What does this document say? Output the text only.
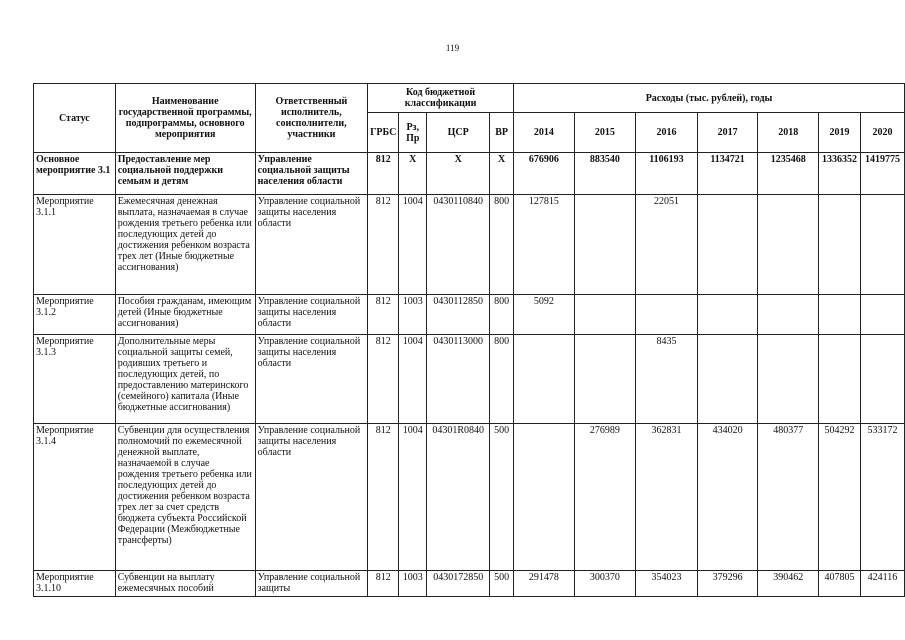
119
Статус	Наименование государственной программы, подпрограммы, основного мероприятия	Ответственный исполнитель, соисполнители, участники	Код бюджетной классификации				Расходы (тыс. рублей), годы						
			ГРБС	Рз, Пр	ЦСР	ВР	2014	2015	2016	2017	2018	2019	2020
Основное мероприятие 3.1	Предоставление мер социальной поддержки семьям и детям	Управление социальной защиты населения области	812	X	X	X	676906	883540	1106193	1134721	1235468	1336352	1419775
Мероприятие 3.1.1	Ежемесячная денежная выплата, назначаемая в случае рождения третьего ребенка или последующих детей до достижения ребенком возраста трех лет (Иные бюджетные ассигнования)	Управление социальной защиты населения области	812	1004	0430110840	800	127815		22051				
Мероприятие 3.1.2	Пособия гражданам, имеющим детей (Иные бюджетные ассигнования)	Управление социальной защиты населения области	812	1003	0430112850	800	5092						
Мероприятие 3.1.3	Дополнительные меры социальной защиты семей, родивших третьего и последующих детей, по предоставлению материнского (семейного) капитала (Иные бюджетные ассигнования)	Управление социальной защиты населения области	812	1004	0430113000	800			8435				
Мероприятие 3.1.4	Субвенции для осуществления полномочий по ежемесячной денежной выплате, назначаемой в случае рождения третьего ребенка или последующих детей до достижения ребенком возраста трех лет за счет средств бюджета субъекта Российской Федерации (Межбюджетные трансферты)	Управление социальной защиты населения области	812	1004	04301R0840	500		276989	362831	434020	480377	504292	533172
Мероприятие 3.1.10	Субвенции на выплату ежемесячных пособий	Управление социальной защиты	812	1003	0430172850	500	291478	300370	354023	379296	390462	407805	424116
